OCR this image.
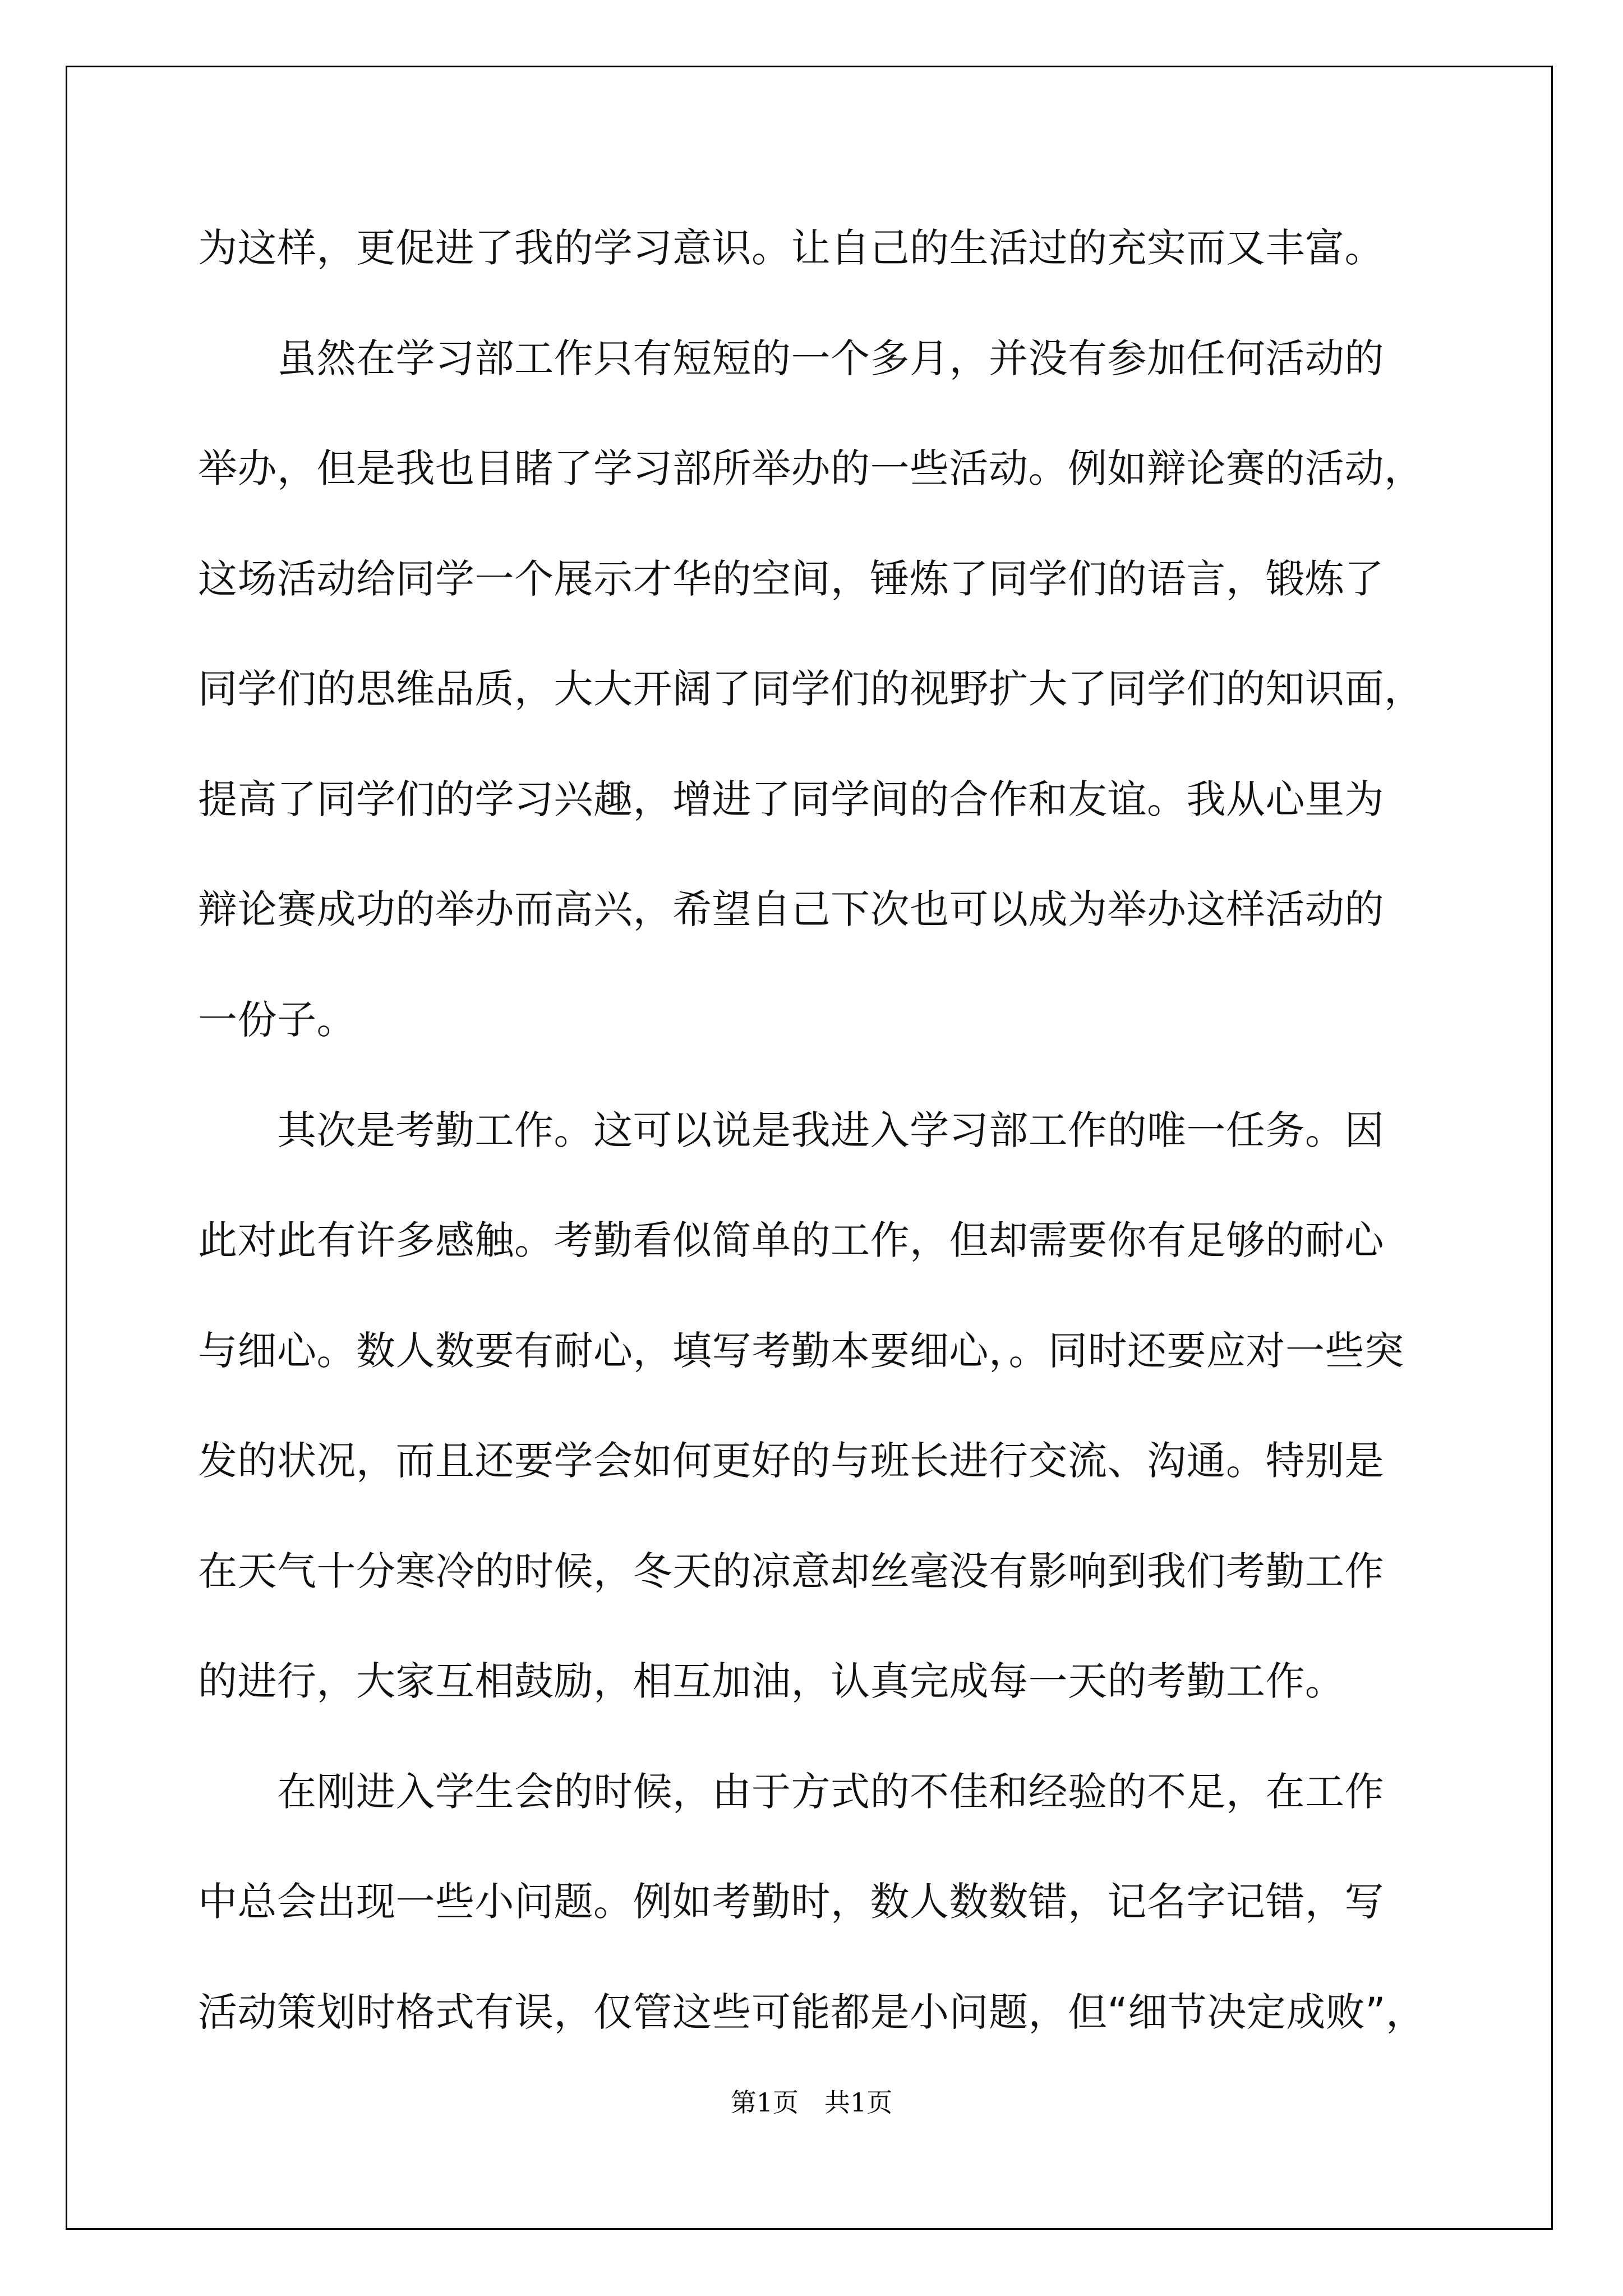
为这样，更促进了我的学习意识。让自己的生活过的充实而又丰富。
　　虽然在学习部工作只有短短的一个多月，并没有参加任何活动的
举办，但是我也目睹了学习部所举办的一些活动。例如辩论赛的活动，
这场活动给同学一个展示才华的空间，锤炼了同学们的语言，锻炼了
同学们的思维品质，大大开阔了同学们的视野扩大了同学们的知识面，
提高了同学们的学习兴趣，增进了同学间的合作和友谊。我从心里为
辩论赛成功的举办而高兴，希望自己下次也可以成为举办这样活动的
一份子。
　　其次是考勤工作。这可以说是我进入学习部工作的唯一任务。因
此对此有许多感触。考勤看似简单的工作，但却需要你有足够的耐心
与细心。数人数要有耐心，填写考勤本要细心，。同时还要应对一些突
发的状况，而且还要学会如何更好的与班长进行交流、沟通。特别是
在天气十分寒冷的时候，冬天的凉意却丝毫没有影响到我们考勤工作
的进行，大家互相鼓励，相互加油，认真完成每一天的考勤工作。
　　在刚进入学生会的时候，由于方式的不佳和经验的不足，在工作
中总会出现一些小问题。例如考勤时，数人数数错，记名字记错，写
活动策划时格式有误，仅管这些可能都是小问题，但“细节决定成败”，
第1页　共1页
